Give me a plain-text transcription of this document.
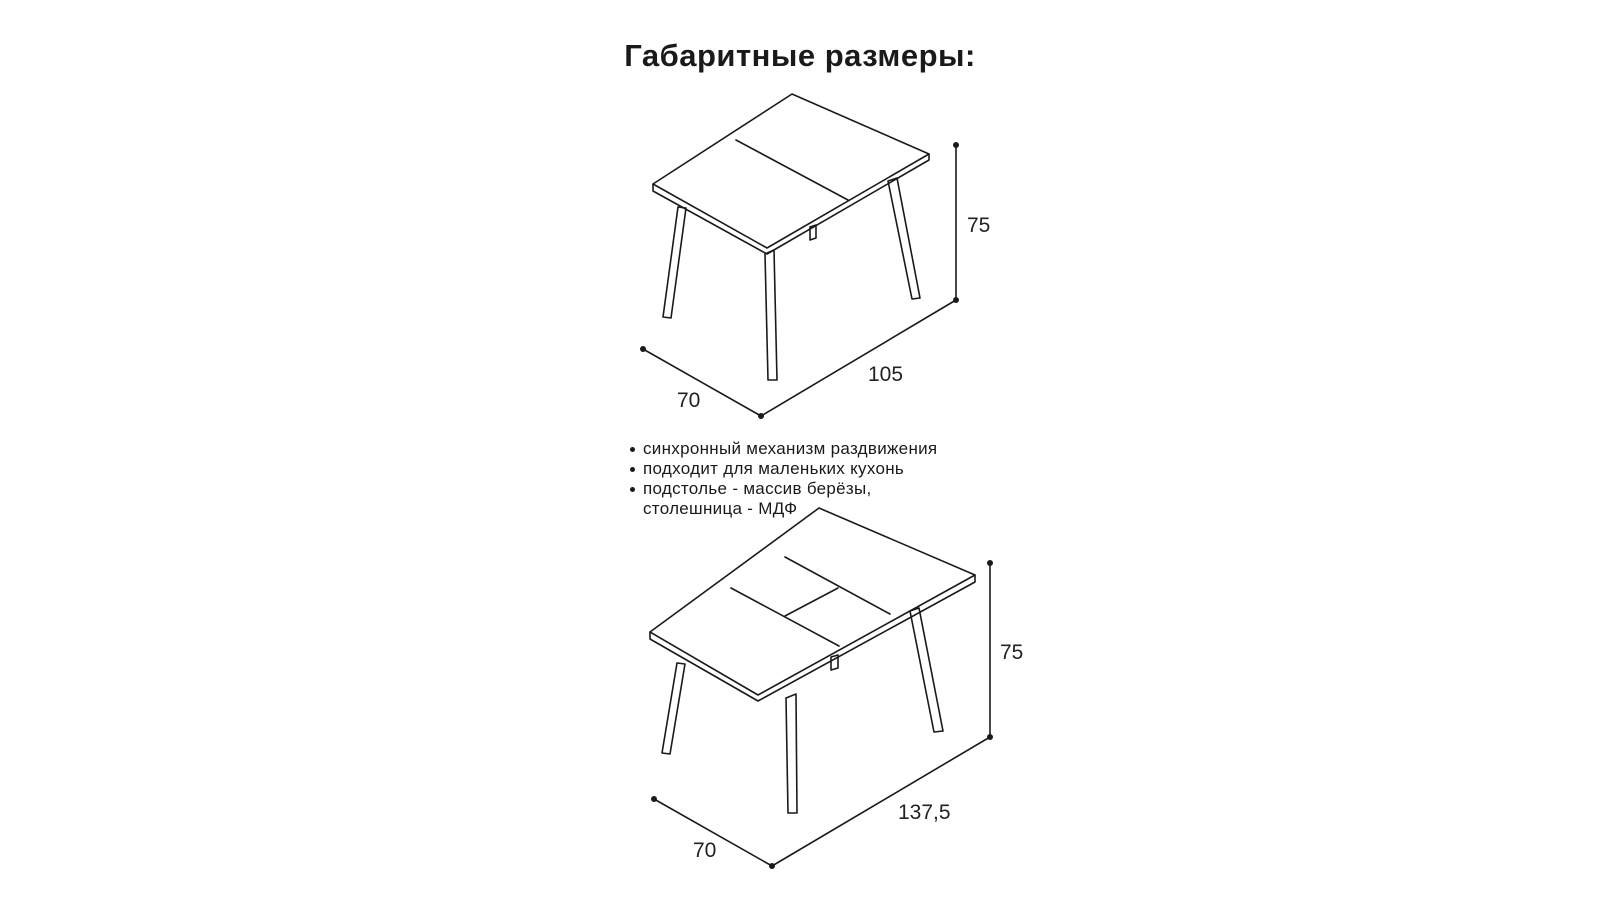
Габаритные размеры:
75
105
70
75
137,5
70
синхронный механизм раздвижения
подходит для маленьких кухонь
подстолье - массив берёзы,
столешница - МДФ
